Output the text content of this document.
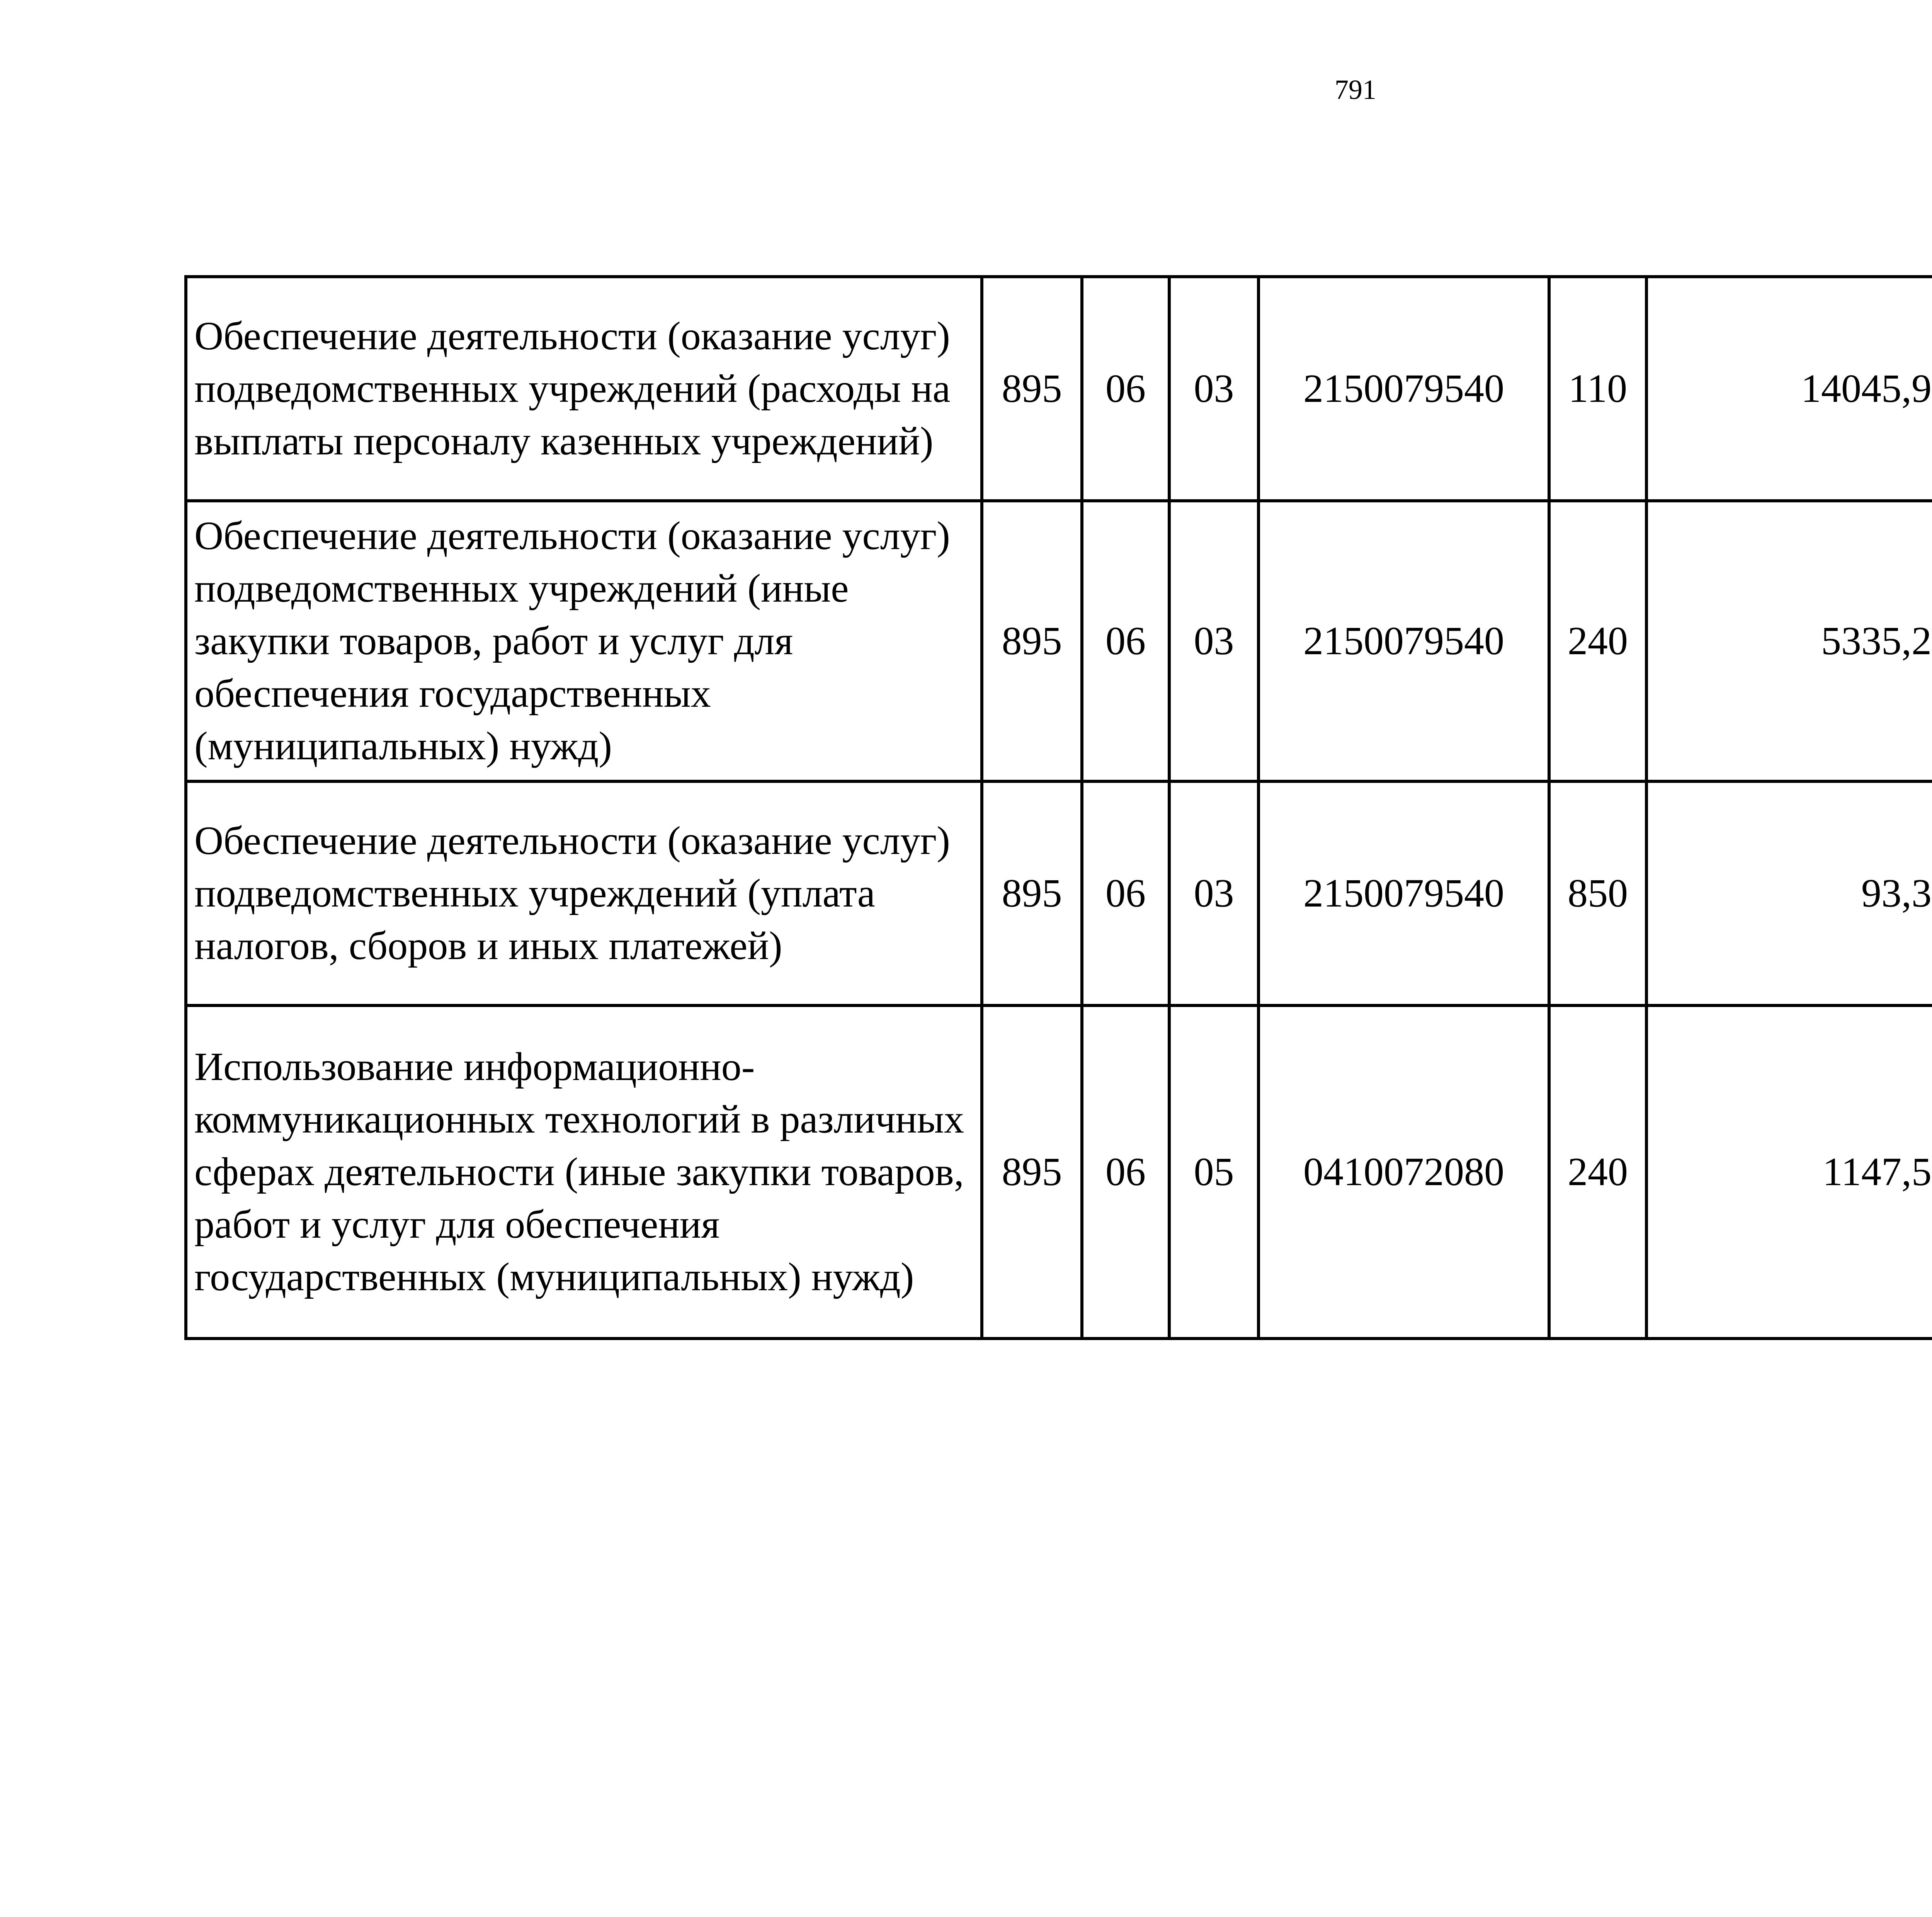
791
Обеспечение деятельности (оказание услуг) подведомственных учреждений (расходы на выплаты персоналу казенных учреждений)	895	06	03	2150079540	110	14045,9		
Обеспечение деятельности (оказание услуг) подведомственных учреждений (иные закупки товаров, работ и услуг для обеспечения государственных (муниципальных) нужд)	895	06	03	2150079540	240	5335,2		
Обеспечение деятельности (оказание услуг) подведомственных учреждений (уплата налогов, сборов и иных платежей)	895	06	03	2150079540	850	93,3		
Использование информационно-коммуникационных технологий в различных сферах деятельности (иные закупки товаров, работ и услуг для обеспечения государственных (муниципальных) нужд)	895	06	05	0410072080	240	1147,5		
